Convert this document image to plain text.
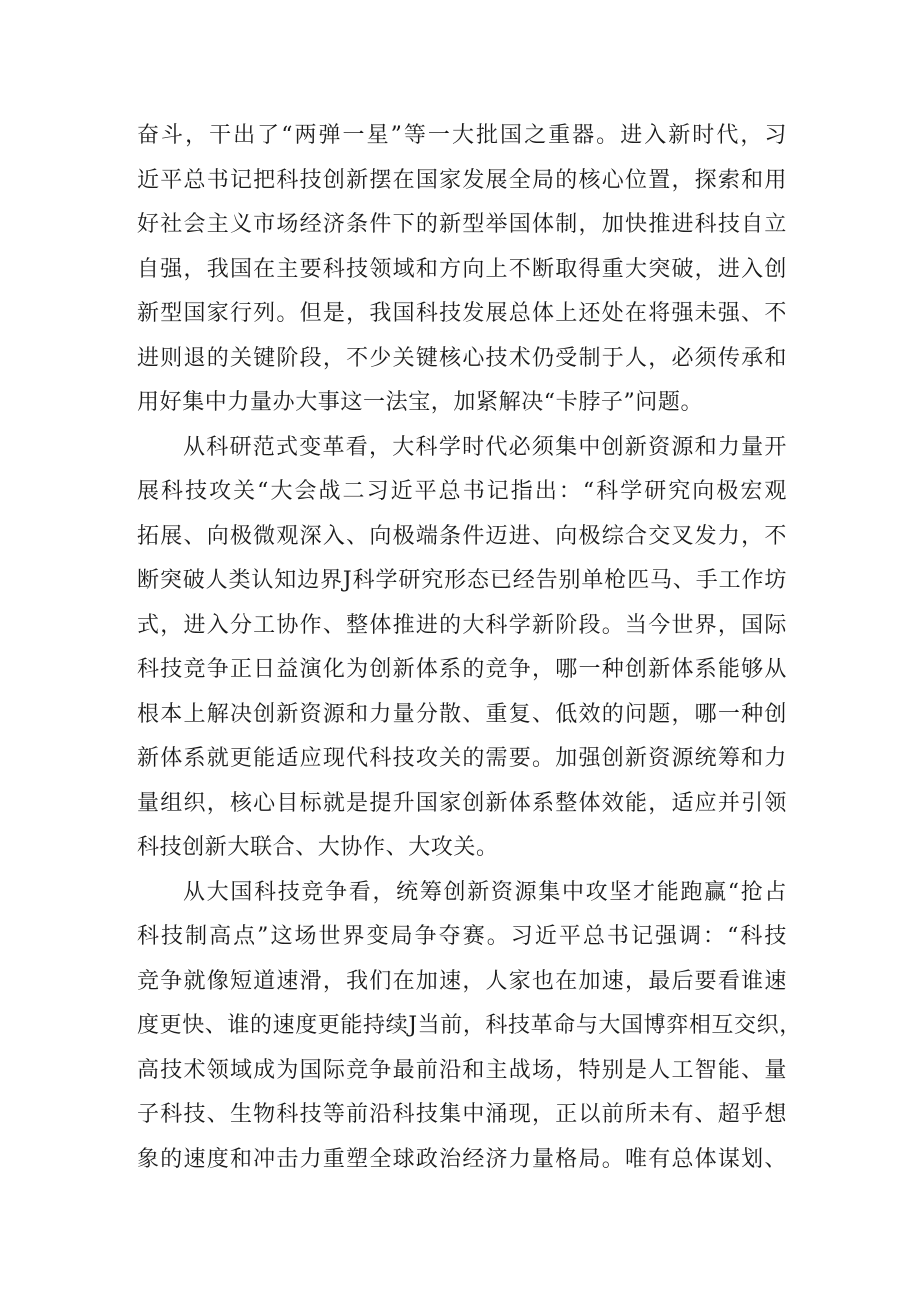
奋斗，干出了“两弹一星”等一大批国之重器。进入新时代，习
近平总书记把科技创新摆在国家发展全局的核心位置，探索和用
好社会主义市场经济条件下的新型举国体制，加快推进科技自立
自强，我国在主要科技领域和方向上不断取得重大突破，进入创
新型国家行列。但是，我国科技发展总体上还处在将强未强、不
进则退的关键阶段，不少关键核心技术仍受制于人，必须传承和
用好集中力量办大事这一法宝，加紧解决“卡脖子”问题。
从科研范式变革看，大科学时代必须集中创新资源和力量开
展科技攻关“大会战二习近平总书记指出：“科学研究向极宏观
拓展、向极微观深入、向极端条件迈进、向极综合交叉发力，不
断突破人类认知边界J科学研究形态已经告别单枪匹马、手工作坊
式，进入分工协作、整体推进的大科学新阶段。当今世界，国际
科技竞争正日益演化为创新体系的竞争，哪一种创新体系能够从
根本上解决创新资源和力量分散、重复、低效的问题，哪一种创
新体系就更能适应现代科技攻关的需要。加强创新资源统筹和力
量组织，核心目标就是提升国家创新体系整体效能，适应并引领
科技创新大联合、大协作、大攻关。
从大国科技竞争看，统筹创新资源集中攻坚才能跑赢“抢占
科技制高点”这场世界变局争夺赛。习近平总书记强调：“科技
竞争就像短道速滑，我们在加速，人家也在加速，最后要看谁速
度更快、谁的速度更能持续J当前，科技革命与大国博弈相互交织，
高技术领域成为国际竞争最前沿和主战场，特别是人工智能、量
子科技、生物科技等前沿科技集中涌现，正以前所未有、超乎想
象的速度和冲击力重塑全球政治经济力量格局。唯有总体谋划、
